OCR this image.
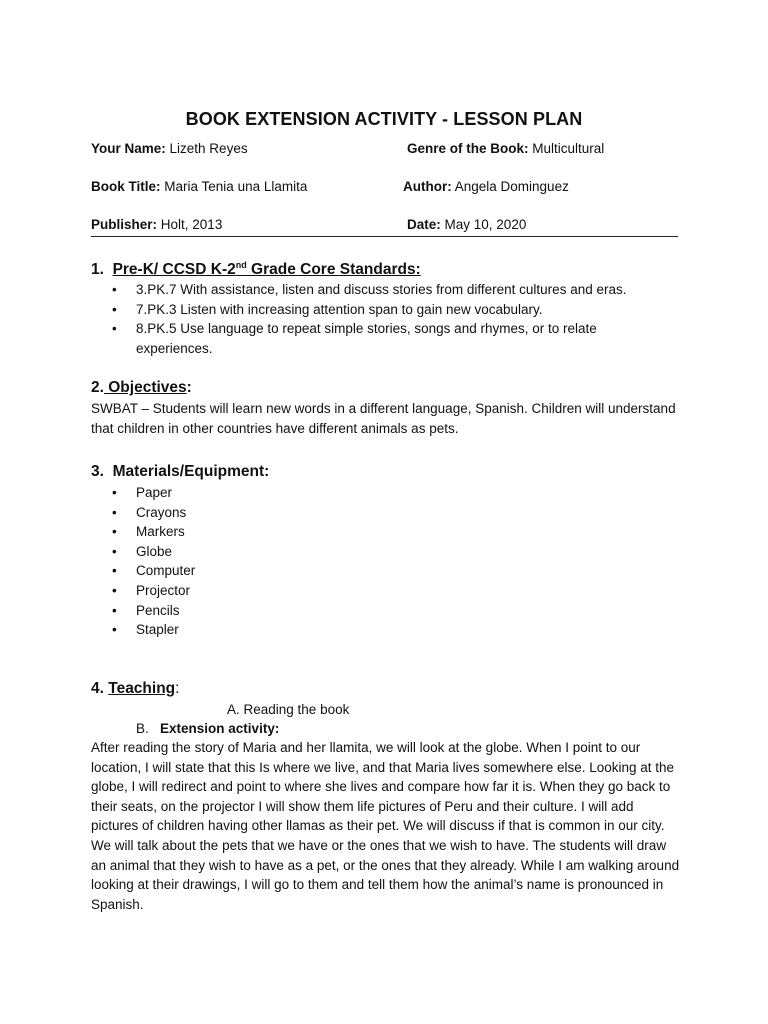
BOOK EXTENSION ACTIVITY - LESSON PLAN
Your Name: Lizeth Reyes	Genre of the Book: Multicultural
Book Title: Maria Tenia una Llamita	Author: Angela Dominguez
Publisher: Holt, 2013	Date: May 10, 2020
1. Pre-K/ CCSD K-2nd Grade Core Standards:
• 3.PK.7 With assistance, listen and discuss stories from different cultures and eras.
• 7.PK.3 Listen with increasing attention span to gain new vocabulary.
• 8.PK.5 Use language to repeat simple stories, songs and rhymes, or to relate experiences.
2. Objectives:
SWBAT – Students will learn new words in a different language, Spanish. Children will understand that children in other countries have different animals as pets.
3. Materials/Equipment:
• Paper
• Crayons
• Markers
• Globe
• Computer
• Projector
• Pencils
• Stapler
4. Teaching:
A. Reading the book
B. Extension activity:
After reading the story of Maria and her llamita, we will look at the globe. When I point to our location, I will state that this Is where we live, and that Maria lives somewhere else. Looking at the globe, I will redirect and point to where she lives and compare how far it is. When they go back to their seats, on the projector I will show them life pictures of Peru and their culture. I will add pictures of children having other llamas as their pet. We will discuss if that is common in our city. We will talk about the pets that we have or the ones that we wish to have. The students will draw an animal that they wish to have as a pet, or the ones that they already. While I am walking around looking at their drawings, I will go to them and tell them how the animal’s name is pronounced in Spanish.
